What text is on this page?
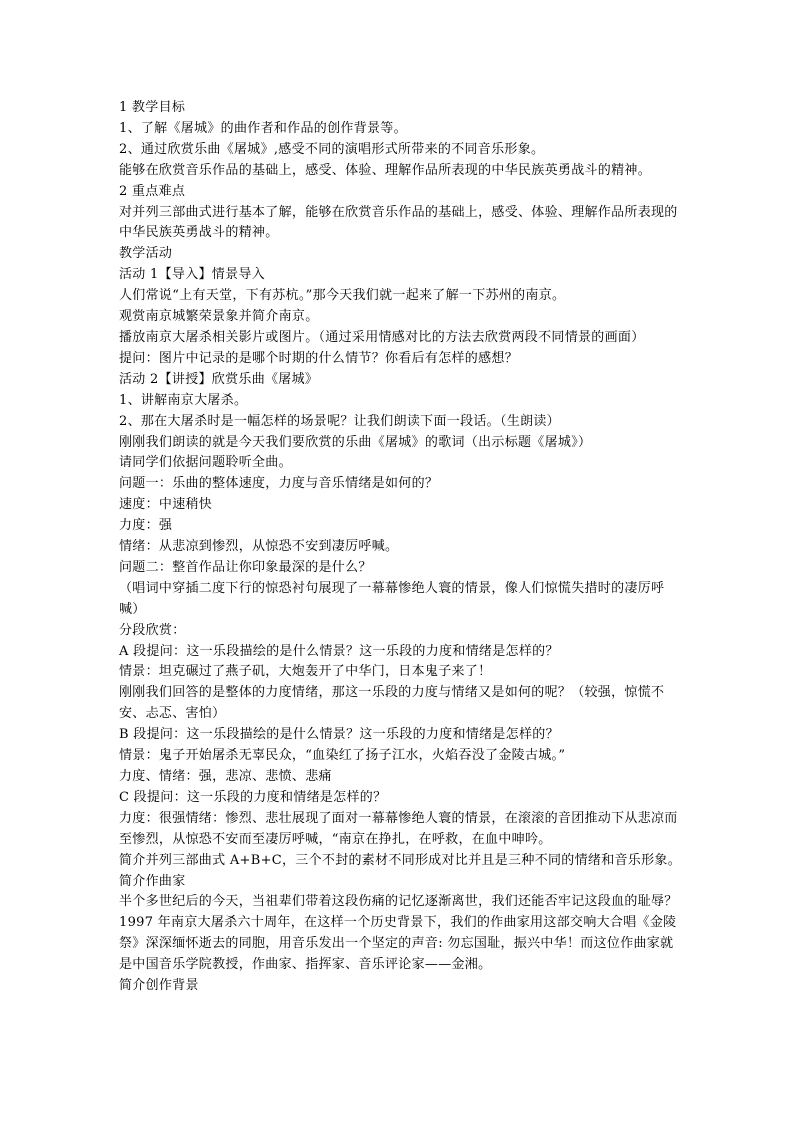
1 教学目标

1、了解《屠城》的曲作者和作品的创作背景等。

2、通过欣赏乐曲《屠城》,感受不同的演唱形式所带来的不同音乐形象。

能够在欣赏音乐作品的基础上，感受、体验、理解作品所表现的中华民族英勇战斗的精神。

2 重点难点

对并列三部曲式进行基本了解，能够在欣赏音乐作品的基础上，感受、体验、理解作品所表现的中华民族英勇战斗的精神。

教学活动

活动 1【导入】情景导入

人们常说“上有天堂，下有苏杭。”那今天我们就一起来了解一下苏州的南京。

观赏南京城繁荣景象并简介南京。

播放南京大屠杀相关影片或图片。（通过采用情感对比的方法去欣赏两段不同情景的画面）

提问：图片中记录的是哪个时期的什么情节？你看后有怎样的感想？

活动 2【讲授】欣赏乐曲《屠城》

1、讲解南京大屠杀。

2、那在大屠杀时是一幅怎样的场景呢？让我们朗读下面一段话。（生朗读）

刚刚我们朗读的就是今天我们要欣赏的乐曲《屠城》的歌词（出示标题《屠城》）

请同学们依据问题聆听全曲。

问题一：乐曲的整体速度，力度与音乐情绪是如何的？

速度：中速稍快

力度：强

情绪：从悲凉到惨烈，从惊恐不安到凄厉呼喊。

问题二：整首作品让你印象最深的是什么？

（唱词中穿插二度下行的惊恐衬句展现了一幕幕惨绝人寰的情景，像人们惊慌失措时的凄厉呼喊）

分段欣赏：

A 段提问：这一乐段描绘的是什么情景？这一乐段的力度和情绪是怎样的？

情景：坦克碾过了燕子矶，大炮轰开了中华门，日本鬼子来了！

刚刚我们回答的是整体的力度情绪，那这一乐段的力度与情绪又是如何的呢？（较强，惊慌不安、忐忑、害怕）

B 段提问：这一乐段描绘的是什么情景？这一乐段的力度和情绪是怎样的？

情景：鬼子开始屠杀无辜民众，“血染红了扬子江水，火焰吞没了金陵古城。”

力度、情绪：强，悲凉、悲愤、悲痛

C 段提问：这一乐段的力度和情绪是怎样的？

力度：很强情绪：惨烈、悲壮展现了面对一幕幕惨绝人寰的情景，在滚滚的音团推动下从悲凉而至惨烈，从惊恐不安而至凄厉呼喊，“南京在挣扎，在呼救，在血中呻吟。

简介并列三部曲式 A+B+C，三个不封的素材不同形成对比并且是三种不同的情绪和音乐形象。

简介作曲家

半个多世纪后的今天，当祖辈们带着这段伤痛的记忆逐渐离世，我们还能否牢记这段血的耻辱？1997 年南京大屠杀六十周年，在这样一个历史背景下，我们的作曲家用这部交响大合唱《金陵祭》深深缅怀逝去的同胞，用音乐发出一个坚定的声音: 勿忘国耻，振兴中华！而这位作曲家就是中国音乐学院教授，作曲家、指挥家、音乐评论家——金湘。

简介创作背景
